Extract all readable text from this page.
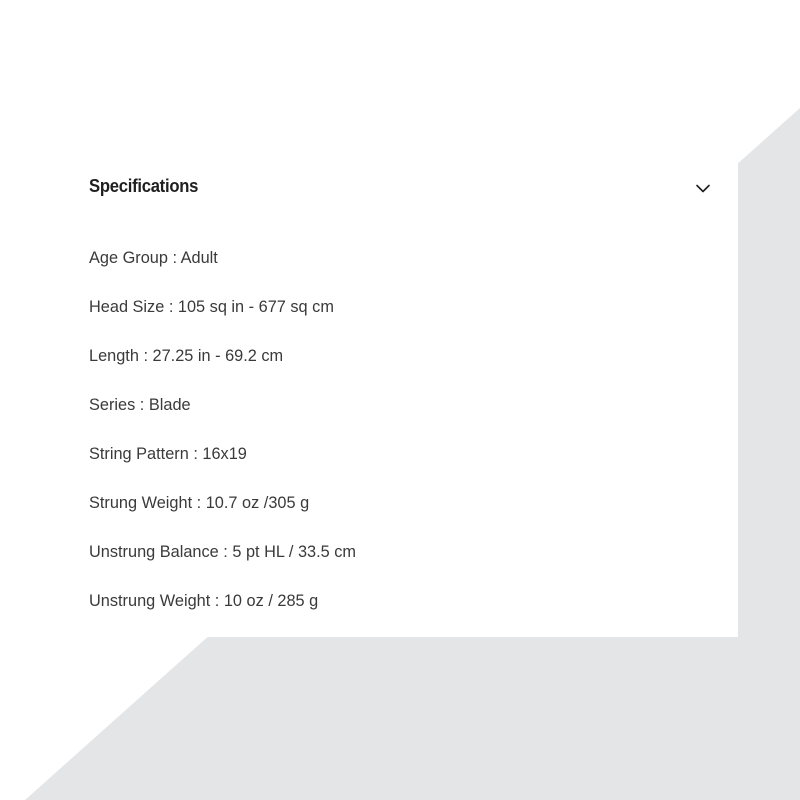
Specifications
Age Group : Adult
Head Size : 105 sq in - 677 sq cm
Length : 27.25 in - 69.2 cm
Series : Blade
String Pattern : 16x19
Strung Weight : 10.7 oz /305 g
Unstrung Balance : 5 pt HL / 33.5 cm
Unstrung Weight : 10 oz / 285 g
